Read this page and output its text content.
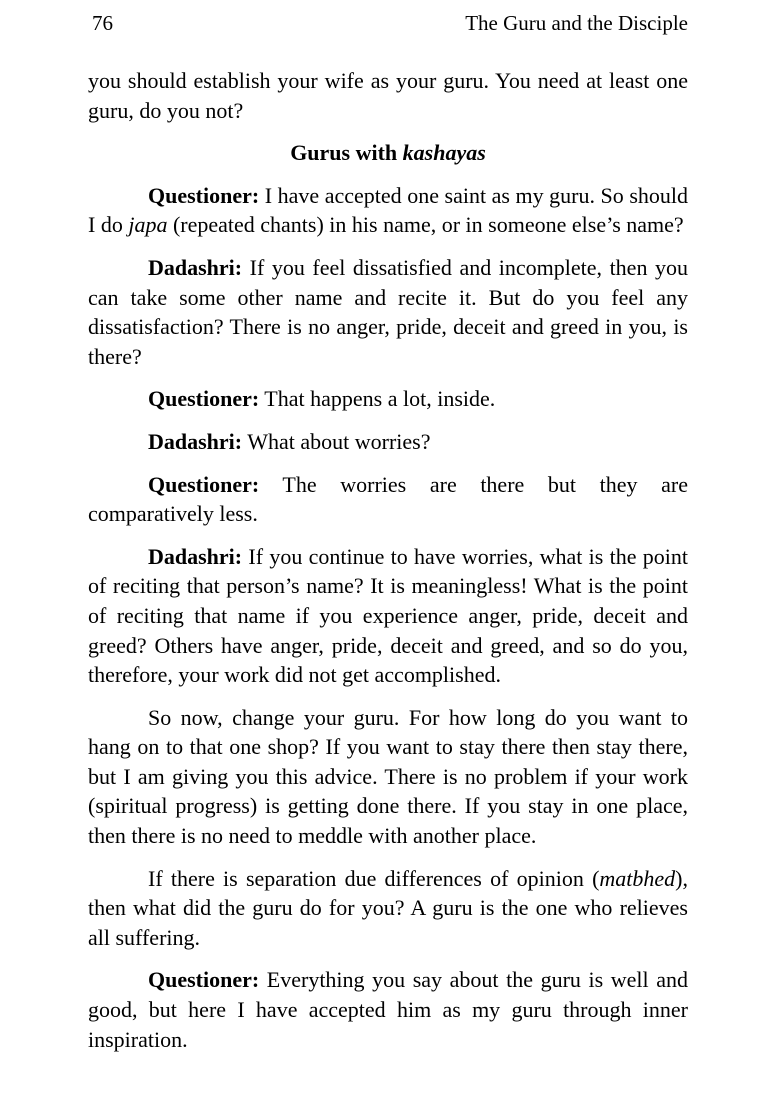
76	The Guru and the Disciple

you should establish your wife as your guru. You need at least one guru, do you not?

Gurus with kashayas

Questioner: I have accepted one saint as my guru. So should I do japa (repeated chants) in his name, or in someone else’s name?

Dadashri: If you feel dissatisfied and incomplete, then you can take some other name and recite it. But do you feel any dissatisfaction? There is no anger, pride, deceit and greed in you, is there?

Questioner: That happens a lot, inside.

Dadashri: What about worries?

Questioner: The worries are there but they are comparatively less.

Dadashri: If you continue to have worries, what is the point of reciting that person’s name? It is meaningless! What is the point of reciting that name if you experience anger, pride, deceit and greed? Others have anger, pride, deceit and greed, and so do you, therefore, your work did not get accomplished.

So now, change your guru. For how long do you want to hang on to that one shop? If you want to stay there then stay there, but I am giving you this advice. There is no problem if your work (spiritual progress) is getting done there. If you stay in one place, then there is no need to meddle with another place.

If there is separation due differences of opinion (matbhed), then what did the guru do for you? A guru is the one who relieves all suffering.

Questioner: Everything you say about the guru is well and good, but here I have accepted him as my guru through inner inspiration.
